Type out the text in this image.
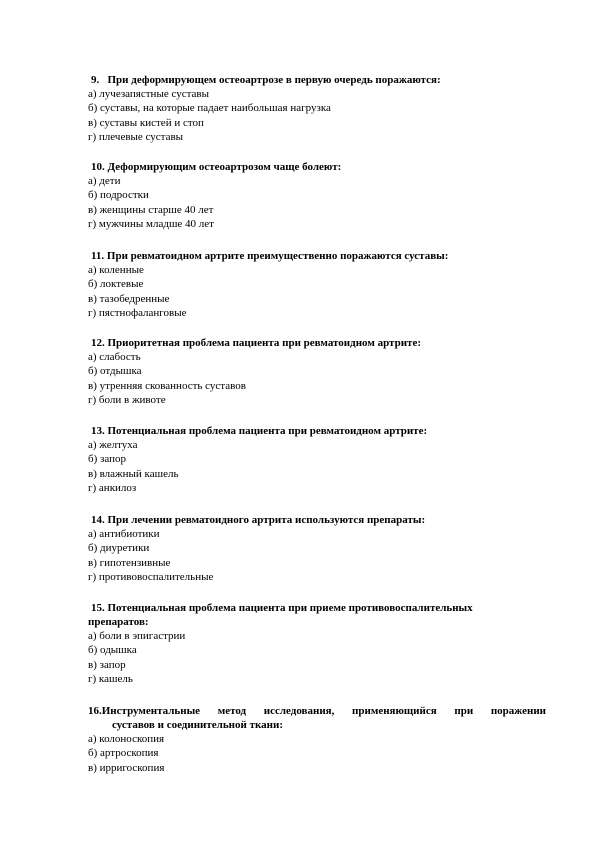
9. При деформирующем остеоартрозе в первую очередь поражаются:
а) лучезапястные суставы
б) суставы, на которые падает наибольшая нагрузка
в) суставы кистей и стоп
г) плечевые суставы
10. Деформирующим остеоартрозом чаще болеют:
а) дети
б) подростки
в) женщины старше 40 лет
г) мужчины младше 40 лет
11. При ревматоидном артрите преимущественно поражаются суставы:
а) коленные
б) локтевые
в) тазобедренные
г) пястнофаланговые
12. Приоритетная проблема пациента при ревматоидном артрите:
а) слабость
б) отдышка
в) утренняя скованность суставов
г) боли в животе
13. Потенциальная проблема пациента при ревматоидном артрите:
а) желтуха
б) запор
в) влажный кашель
г) анкилоз
14. При лечении ревматоидного артрита используются препараты:
а) антибиотики
б) диуретики
в) гипотензивные
г) противовоспалительные
15. Потенциальная проблема пациента при приеме противовоспалительных
препаратов:
а) боли в эпигастрии
б) одышка
в) запор
г) кашель
16.Инструментальные метод исследования, применяющийся при поражении
суставов и соединительной ткани:
а) колоноскопия
б) артроскопия
в) ирригоскопия
